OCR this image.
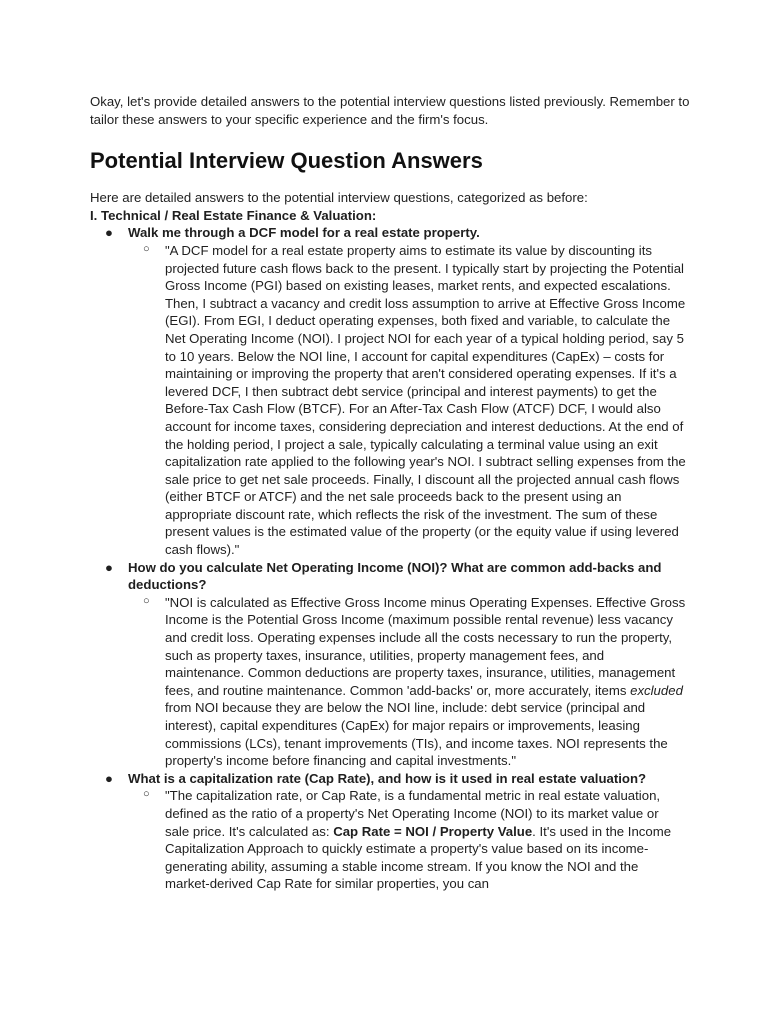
Okay, let's provide detailed answers to the potential interview questions listed previously. Remember to tailor these answers to your specific experience and the firm's focus.

Potential Interview Question Answers

Here are detailed answers to the potential interview questions, categorized as before:

I. Technical / Real Estate Finance & Valuation:

● Walk me through a DCF model for a real estate property.
○ "A DCF model for a real estate property aims to estimate its value by discounting its projected future cash flows back to the present. I typically start by projecting the Potential Gross Income (PGI) based on existing leases, market rents, and expected escalations. Then, I subtract a vacancy and credit loss assumption to arrive at Effective Gross Income (EGI). From EGI, I deduct operating expenses, both fixed and variable, to calculate the Net Operating Income (NOI). I project NOI for each year of a typical holding period, say 5 to 10 years. Below the NOI line, I account for capital expenditures (CapEx) – costs for maintaining or improving the property that aren't considered operating expenses. If it's a levered DCF, I then subtract debt service (principal and interest payments) to get the Before-Tax Cash Flow (BTCF). For an After-Tax Cash Flow (ATCF) DCF, I would also account for income taxes, considering depreciation and interest deductions. At the end of the holding period, I project a sale, typically calculating a terminal value using an exit capitalization rate applied to the following year's NOI. I subtract selling expenses from the sale price to get net sale proceeds. Finally, I discount all the projected annual cash flows (either BTCF or ATCF) and the net sale proceeds back to the present using an appropriate discount rate, which reflects the risk of the investment. The sum of these present values is the estimated value of the property (or the equity value if using levered cash flows)."
● How do you calculate Net Operating Income (NOI)? What are common add-backs and deductions?
○ "NOI is calculated as Effective Gross Income minus Operating Expenses. Effective Gross Income is the Potential Gross Income (maximum possible rental revenue) less vacancy and credit loss. Operating expenses include all the costs necessary to run the property, such as property taxes, insurance, utilities, property management fees, and maintenance. Common deductions are property taxes, insurance, utilities, management fees, and routine maintenance. Common 'add-backs' or, more accurately, items excluded from NOI because they are below the NOI line, include: debt service (principal and interest), capital expenditures (CapEx) for major repairs or improvements, leasing commissions (LCs), tenant improvements (TIs), and income taxes. NOI represents the property's income before financing and capital investments."
● What is a capitalization rate (Cap Rate), and how is it used in real estate valuation?
○ "The capitalization rate, or Cap Rate, is a fundamental metric in real estate valuation, defined as the ratio of a property's Net Operating Income (NOI) to its market value or sale price. It's calculated as: Cap Rate = NOI / Property Value. It's used in the Income Capitalization Approach to quickly estimate a property's value based on its income-generating ability, assuming a stable income stream. If you know the NOI and the market-derived Cap Rate for similar properties, you can
